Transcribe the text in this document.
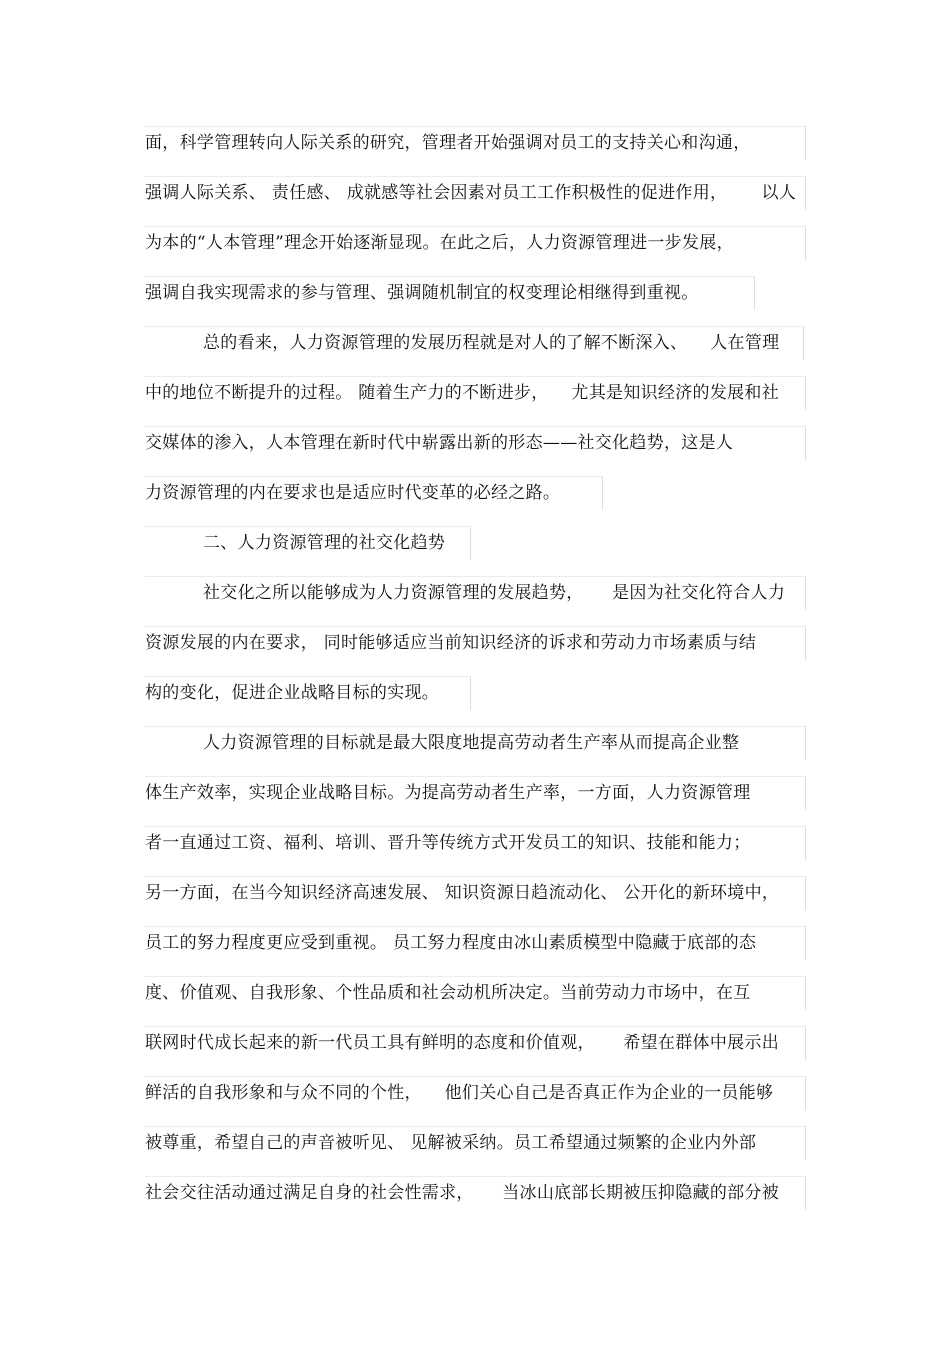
面，科学管理转向人际关系的研究，管理者开始强调对员工的支持关心和沟通，
强调人际关系、 责任感、 成就感等社会因素对员工工作积极性的促进作用，      以人
为本的“人本管理”理念开始逐渐显现。在此之后，人力资源管理进一步发展，
强调自我实现需求的参与管理、强调随机制宜的权变理论相继得到重视。
总的看来，人力资源管理的发展历程就是对人的了解不断深入、    人在管理
中的地位不断提升的过程。 随着生产力的不断进步，    尤其是知识经济的发展和社
交媒体的渗入，人本管理在新时代中崭露出新的形态——社交化趋势，这是人
力资源管理的内在要求也是适应时代变革的必经之路。
二、人力资源管理的社交化趋势
社交化之所以能够成为人力资源管理的发展趋势，     是因为社交化符合人力
资源发展的内在要求， 同时能够适应当前知识经济的诉求和劳动力市场素质与结
构的变化，促进企业战略目标的实现。
人力资源管理的目标就是最大限度地提高劳动者生产率从而提高企业整
体生产效率，实现企业战略目标。为提高劳动者生产率，一方面，人力资源管理
者一直通过工资、福利、培训、晋升等传统方式开发员工的知识、技能和能力；
另一方面，在当今知识经济高速发展、 知识资源日趋流动化、 公开化的新环境中，
员工的努力程度更应受到重视。 员工努力程度由冰山素质模型中隐藏于底部的态
度、价值观、自我形象、个性品质和社会动机所决定。当前劳动力市场中，在互
联网时代成长起来的新一代员工具有鲜明的态度和价值观，     希望在群体中展示出
鲜活的自我形象和与众不同的个性，    他们关心自己是否真正作为企业的一员能够
被尊重，希望自己的声音被听见、 见解被采纳。员工希望通过频繁的企业内外部
社会交往活动通过满足自身的社会性需求，     当冰山底部长期被压抑隐藏的部分被
